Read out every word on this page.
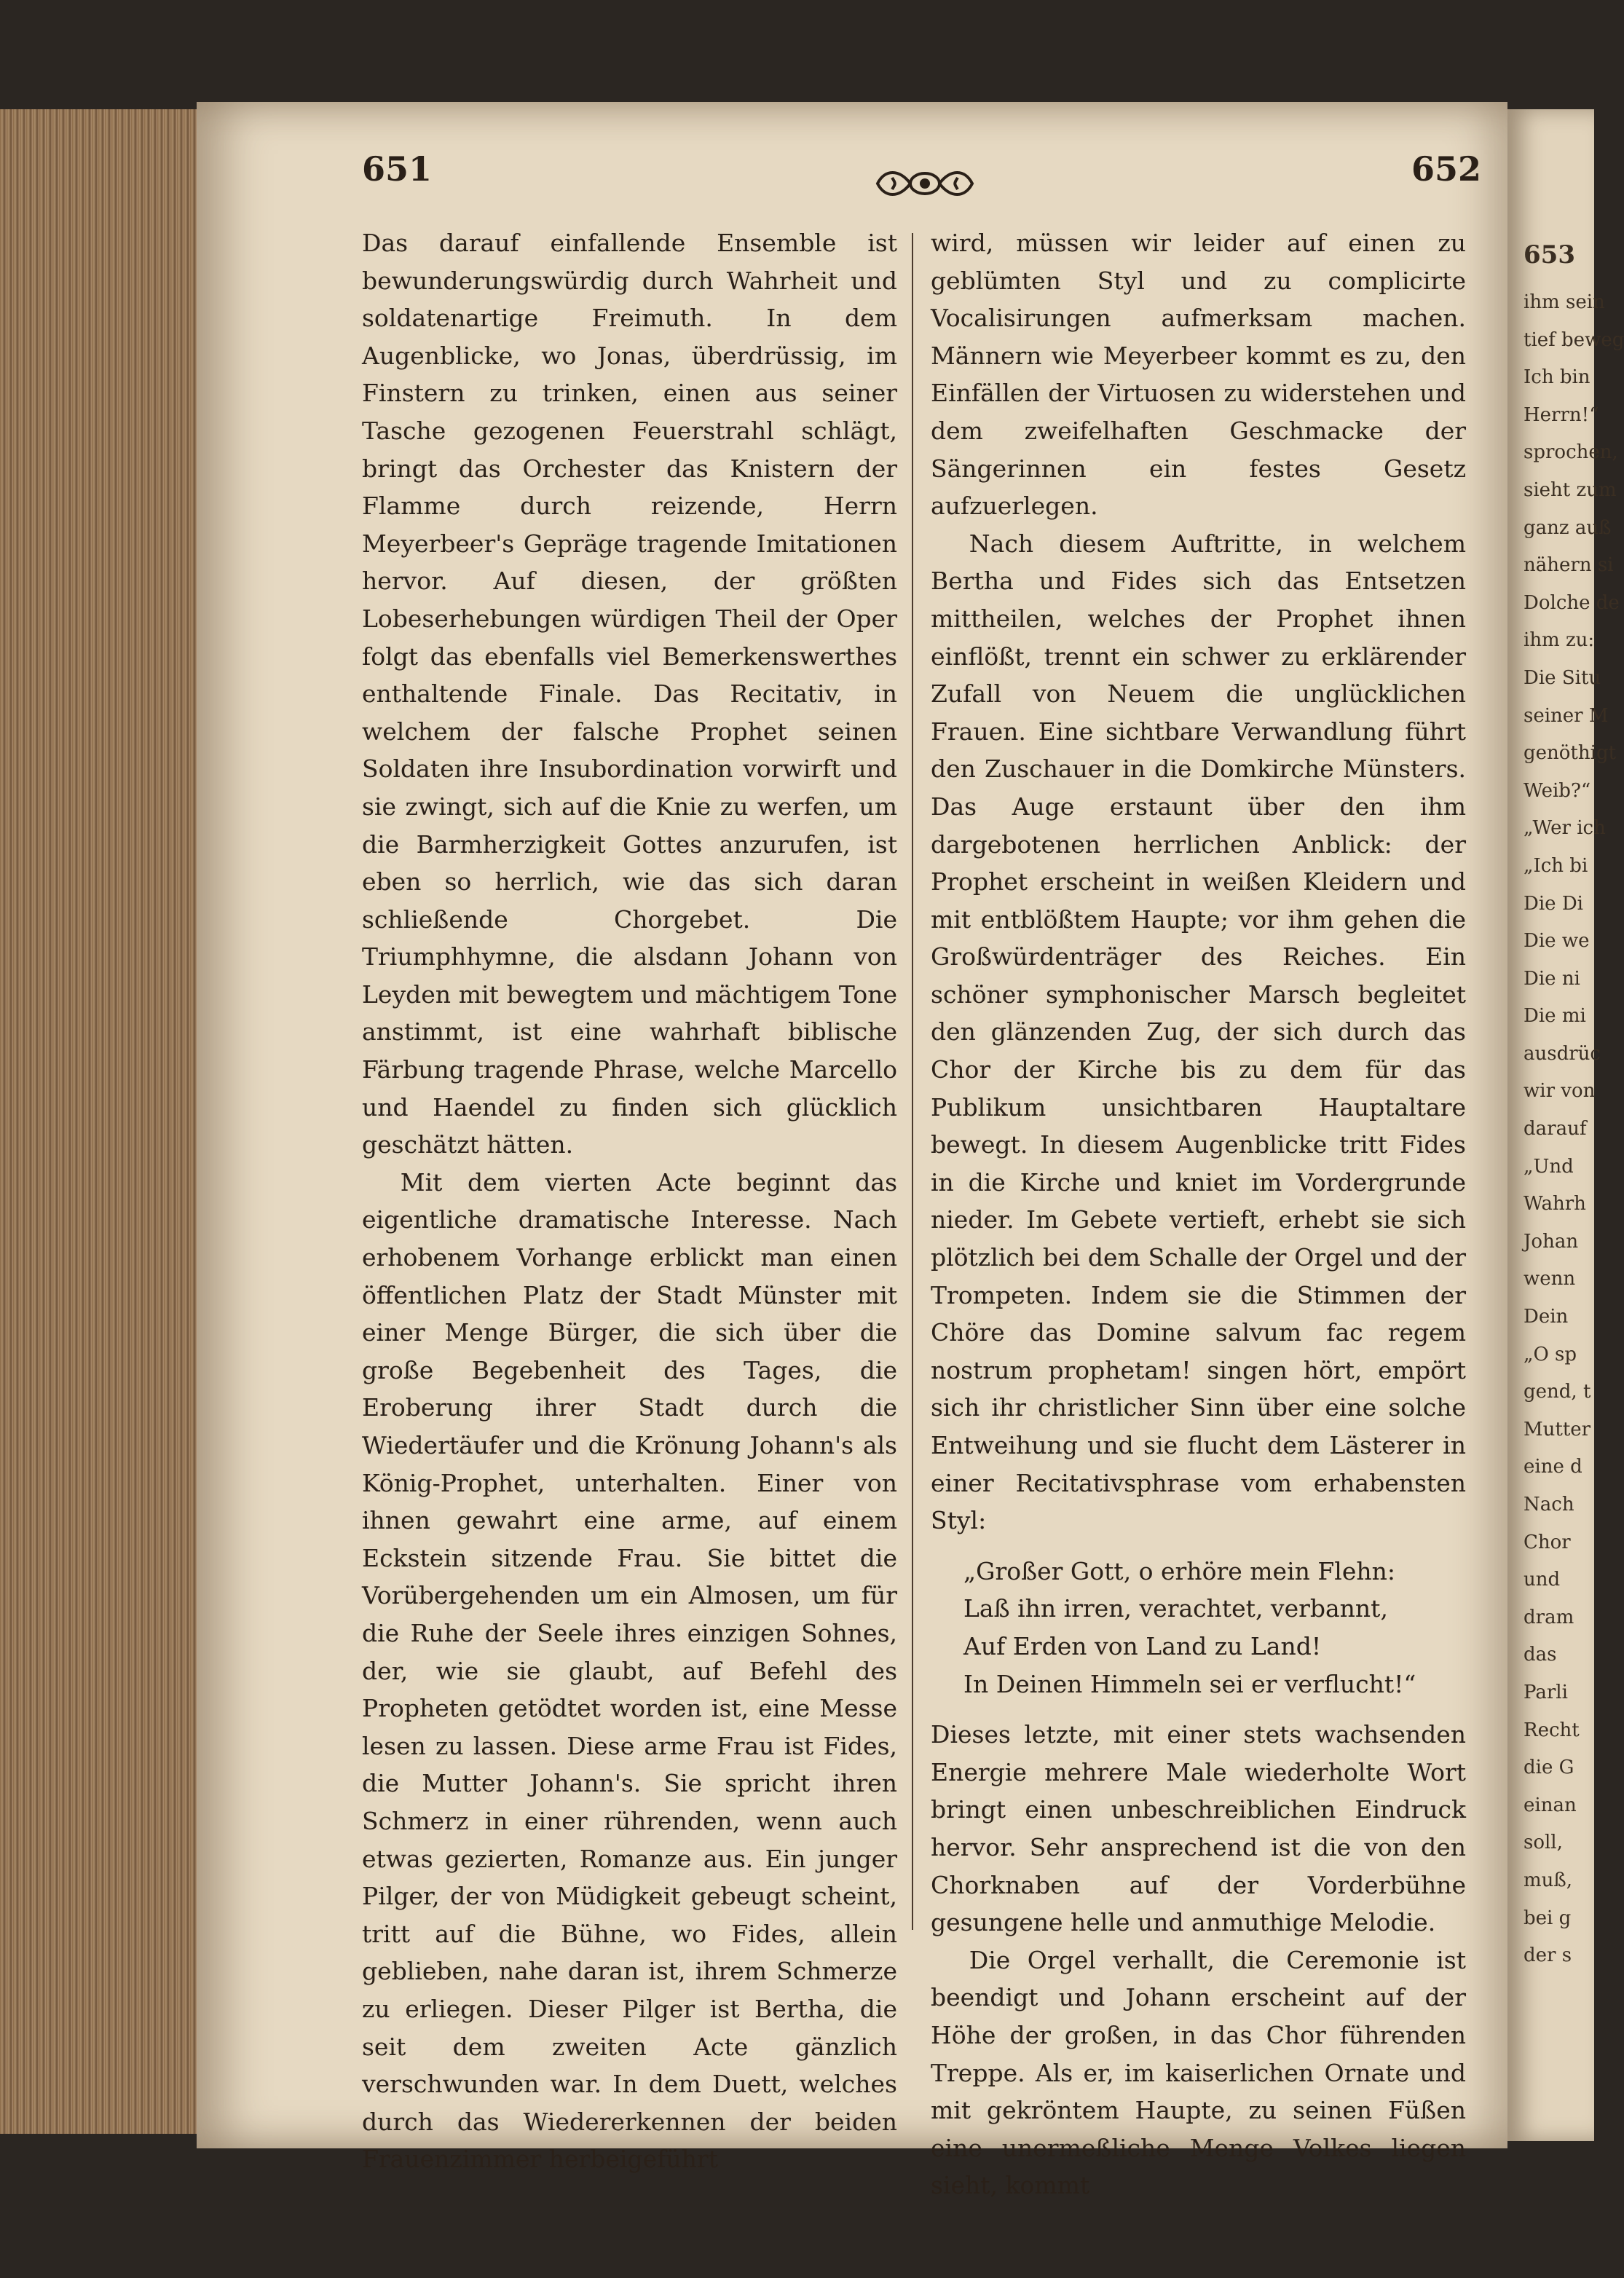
653
ihm sein
tief beweg
Ich bin
Herrn!“
sprochen,
sieht zum
ganz auß
nähern si
Dolche de
ihm zu:
Die Situ
seiner M
genöthigt
Weib?“
„Wer ich
„Ich bi
Die Di
Die we
Die ni
Die mi
ausdrüc
wir von
darauf
„Und
Wahrh
Johan
wenn
Dein
„O sp
gend, t
Mutter
eine d
Nach
Chor
und
dram
das
Parli
Recht
die G
einan
soll,
muß,
bei g
der s
651	652

Das darauf einfallende Ensemble ist bewunderungswürdig durch Wahrheit und soldatenartige Freimuth. In dem Augenblicke, wo Jonas, überdrüssig, im Finstern zu trinken, einen aus seiner Tasche gezogenen Feuerstrahl schlägt, bringt das Orchester das Knistern der Flamme durch reizende, Herrn Meyerbeer's Gepräge tragende Imitationen hervor. Auf diesen, der größten Lobeserhebungen würdigen Theil der Oper folgt das ebenfalls viel Bemerkenswerthes enthaltende Finale. Das Recitativ, in welchem der falsche Prophet seinen Soldaten ihre Insubordination vorwirft und sie zwingt, sich auf die Knie zu werfen, um die Barmherzigkeit Gottes anzurufen, ist eben so herrlich, wie das sich daran schließende Chorgebet. Die Triumphhymne, die alsdann Johann von Leyden mit bewegtem und mächtigem Tone anstimmt, ist eine wahrhaft biblische Färbung tragende Phrase, welche Marcello und Haendel zu finden sich glücklich geschätzt hätten.

Mit dem vierten Acte beginnt das eigentliche dramatische Interesse. Nach erhobenem Vorhange erblickt man einen öffentlichen Platz der Stadt Münster mit einer Menge Bürger, die sich über die große Begebenheit des Tages, die Eroberung ihrer Stadt durch die Wiedertäufer und die Krönung Johann's als König-Prophet, unterhalten. Einer von ihnen gewahrt eine arme, auf einem Eckstein sitzende Frau. Sie bittet die Vorübergehenden um ein Almosen, um für die Ruhe der Seele ihres einzigen Sohnes, der, wie sie glaubt, auf Befehl des Propheten getödtet worden ist, eine Messe lesen zu lassen. Diese arme Frau ist Fides, die Mutter Johann's. Sie spricht ihren Schmerz in einer rührenden, wenn auch etwas gezierten, Romanze aus. Ein junger Pilger, der von Müdigkeit gebeugt scheint, tritt auf die Bühne, wo Fides, allein geblieben, nahe daran ist, ihrem Schmerze zu erliegen. Dieser Pilger ist Bertha, die seit dem zweiten Acte gänzlich verschwunden war. In dem Duett, welches durch das Wiedererkennen der beiden Frauenzimmer herbeigeführt

wird, müssen wir leider auf einen zu geblümten Styl und zu complicirte Vocalisirungen aufmerksam machen. Männern wie Meyerbeer kommt es zu, den Einfällen der Virtuosen zu widerstehen und dem zweifelhaften Geschmacke der Sängerinnen ein festes Gesetz aufzuerlegen.

Nach diesem Auftritte, in welchem Bertha und Fides sich das Entsetzen mittheilen, welches der Prophet ihnen einflößt, trennt ein schwer zu erklärender Zufall von Neuem die unglücklichen Frauen. Eine sichtbare Verwandlung führt den Zuschauer in die Domkirche Münsters. Das Auge erstaunt über den ihm dargebotenen herrlichen Anblick: der Prophet erscheint in weißen Kleidern und mit entblößtem Haupte; vor ihm gehen die Großwürdenträger des Reiches. Ein schöner symphonischer Marsch begleitet den glänzenden Zug, der sich durch das Chor der Kirche bis zu dem für das Publikum unsichtbaren Hauptaltare bewegt. In diesem Augenblicke tritt Fides in die Kirche und kniet im Vordergrunde nieder. Im Gebete vertieft, erhebt sie sich plötzlich bei dem Schalle der Orgel und der Trompeten. Indem sie die Stimmen der Chöre das Domine salvum fac regem nostrum prophetam! singen hört, empört sich ihr christlicher Sinn über eine solche Entweihung und sie flucht dem Lästerer in einer Recitativsphrase vom erhabensten Styl:

„Großer Gott, o erhöre mein Flehn:
Laß ihn irren, verachtet, verbannt,
Auf Erden von Land zu Land!
In Deinen Himmeln sei er verflucht!“

Dieses letzte, mit einer stets wachsenden Energie mehrere Male wiederholte Wort bringt einen unbeschreiblichen Eindruck hervor. Sehr ansprechend ist die von den Chorknaben auf der Vorderbühne gesungene helle und anmuthige Melodie.

Die Orgel verhallt, die Ceremonie ist beendigt und Johann erscheint auf der Höhe der großen, in das Chor führenden Treppe. Als er, im kaiserlichen Ornate und mit gekröntem Haupte, zu seinen Füßen eine unermeßliche Menge Volkes liegen sieht, kommt
